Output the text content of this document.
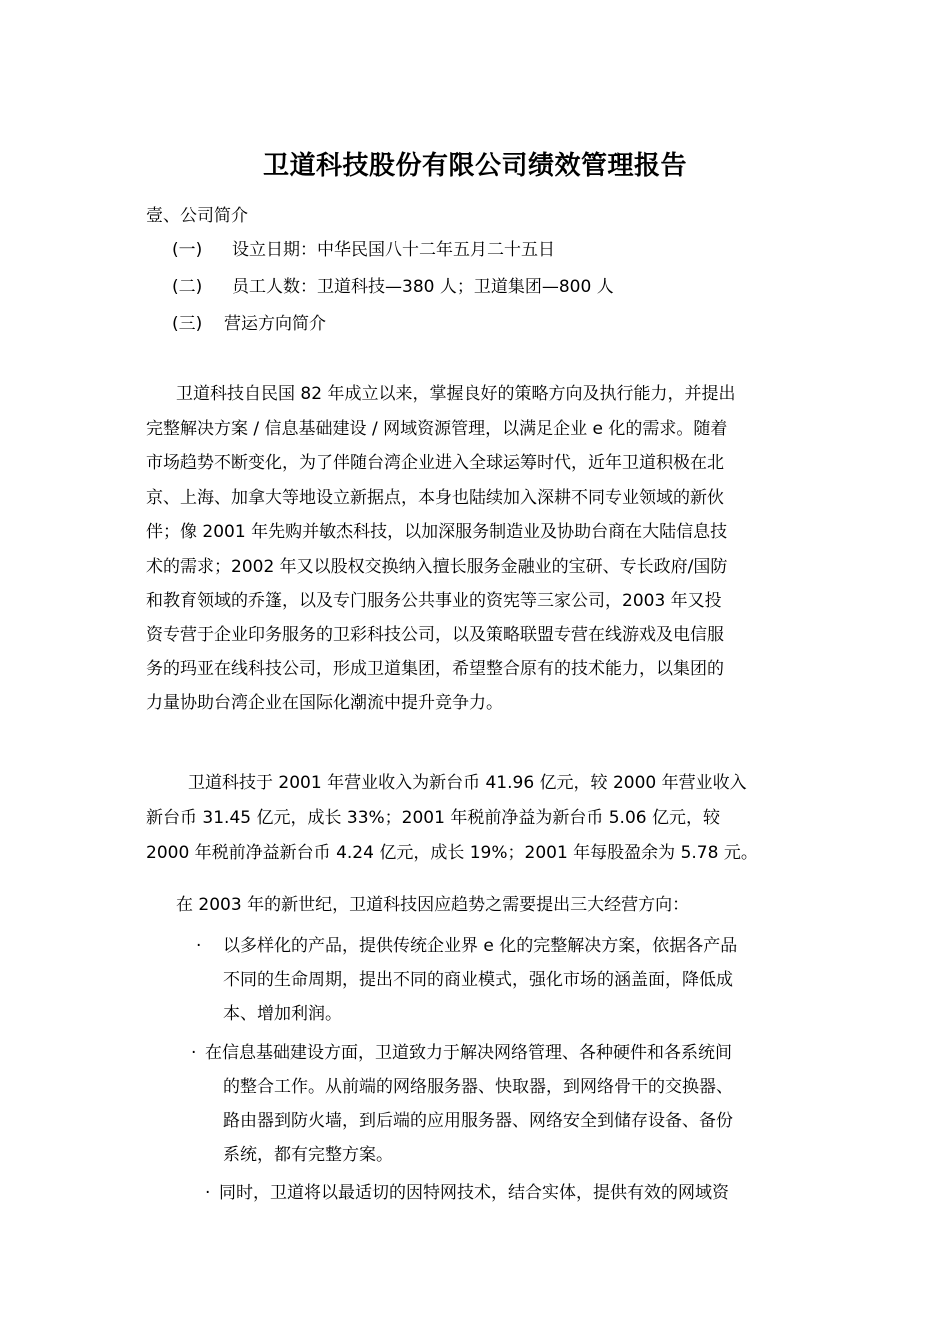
卫道科技股份有限公司绩效管理报告
壹、公司简介
(一) 设立日期：中华民国八十二年五月二十五日
(二) 员工人数：卫道科技—380 人；卫道集团—800 人
(三) 营运方向简介
卫道科技自民国 82 年成立以来，掌握良好的策略方向及执行能力，并提出
完整解决方案 / 信息基础建设 / 网域资源管理，以满足企业 e 化的需求。随着
市场趋势不断变化，为了伴随台湾企业进入全球运筹时代，近年卫道积极在北
京、上海、加拿大等地设立新据点，本身也陆续加入深耕不同专业领域的新伙
伴；像 2001 年先购并敏杰科技，以加深服务制造业及协助台商在大陆信息技
术的需求；2002 年又以股权交换纳入擅长服务金融业的宝研、专长政府/国防
和教育领域的乔篷，以及专门服务公共事业的资宪等三家公司，2003 年又投
资专营于企业印务服务的卫彩科技公司，以及策略联盟专营在线游戏及电信服
务的玛亚在线科技公司，形成卫道集团，希望整合原有的技术能力，以集团的
力量协助台湾企业在国际化潮流中提升竞争力。
卫道科技于 2001 年营业收入为新台币 41.96 亿元，较 2000 年营业收入
新台币 31.45 亿元，成长 33%；2001 年税前净益为新台币 5.06 亿元，较
2000 年税前净益新台币 4.24 亿元，成长 19%；2001 年每股盈余为 5.78 元。
在 2003 年的新世纪，卫道科技因应趋势之需要提出三大经营方向：
· 以多样化的产品，提供传统企业界 e 化的完整解决方案，依据各产品
不同的生命周期，提出不同的商业模式，强化市场的涵盖面，降低成
本、增加利润。
· 在信息基础建设方面，卫道致力于解决网络管理、各种硬件和各系统间
的整合工作。从前端的网络服务器、快取器，到网络骨干的交换器、
路由器到防火墙，到后端的应用服务器、网络安全到储存设备、备份
系统，都有完整方案。
· 同时，卫道将以最适切的因特网技术，结合实体，提供有效的网域资
